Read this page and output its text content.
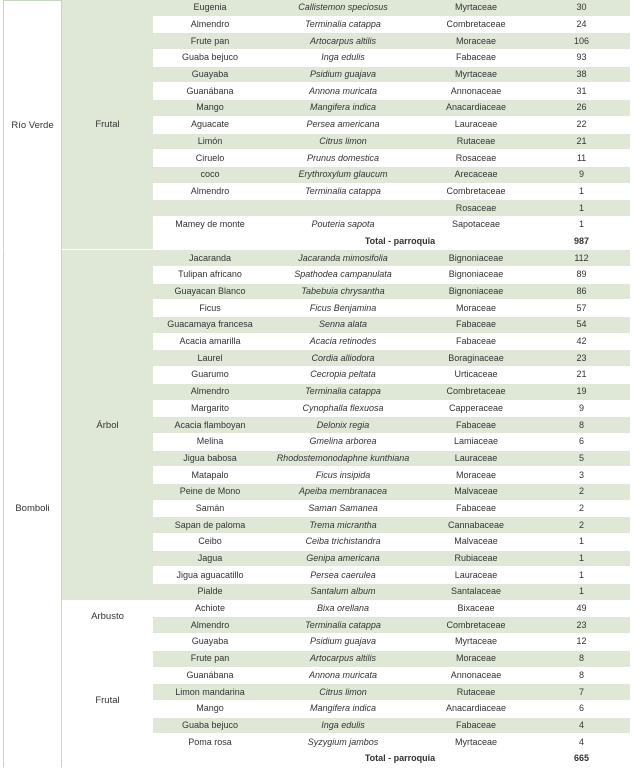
Río Verde	Frutal	Eugenia	Callistemon speciosus	Myrtaceae	30
		Almendro	Terminalia catappa	Combretaceae	24
		Frute pan	Artocarpus altilis	Moraceae	106
		Guaba bejuco	Inga edulis	Fabaceae	93
		Guayaba	Psidium guajava	Myrtaceae	38
		Guanábana	Annona muricata	Annonaceae	31
		Mango	Mangifera indica	Anacardiaceae	26
		Aguacate	Persea americana	Lauraceae	22
		Limón	Citrus limon	Rutaceae	21
		Ciruelo	Prunus domestica	Rosaceae	11
		coco	Erythroxylum glaucum	Arecaceae	9
		Almendro	Terminalia catappa	Combretaceae	1
				Rosaceae	1
		Mamey de monte	Pouteria sapota	Sapotaceae	1
			Total - parroquia		987
Bomboli	Árbol	Jacaranda	Jacaranda mimosifolia	Bignoniaceae	112
		Tulipan africano	Spathodea campanulata	Bignoniaceae	89
		Guayacan Blanco	Tabebuia chrysantha	Bignoniaceae	86
		Ficus	Ficus Benjamina	Moraceae	57
		Guacamaya francesa	Senna alata	Fabaceae	54
		Acacia amarilla	Acacia retinodes	Fabaceae	42
		Laurel	Cordia alliodora	Boraginaceae	23
		Guarumo	Cecropia peltata	Urticaceae	21
		Almendro	Terminalia catappa	Combretaceae	19
		Margarito	Cynophalla flexuosa	Capperaceae	9
		Acacia flamboyan	Delonix regia	Fabaceae	8
		Melina	Gmelina arborea	Lamiaceae	6
		Jigua babosa	Rhodostemonodaphne kunthiana	Lauraceae	5
		Matapalo	Ficus insipida	Moraceae	3
		Peine de Mono	Apeiba membranacea	Malvaceae	2
		Samán	Saman Samanea	Fabaceae	2
		Sapan de paloma	Trema micrantha	Cannabaceae	2
		Ceibo	Ceiba trichistandra	Malvaceae	1
		Jagua	Genipa americana	Rubiaceae	1
		Jigua aguacatillo	Persea caerulea	Lauraceae	1
		Pialde	Santalum album	Santalaceae	1
	Arbusto	Achiote	Bixa orellana	Bixaceae	49
		Almendro	Terminalia catappa	Combretaceae	23
	Frutal	Guayaba	Psidium guajava	Myrtaceae	12
		Frute pan	Artocarpus altilis	Moraceae	8
		Guanábana	Annona muricata	Annonaceae	8
		Limon mandarina	Citrus limon	Rutaceae	7
		Mango	Mangifera indica	Anacardiaceae	6
		Guaba bejuco	Inga edulis	Fabaceae	4
		Poma rosa	Syzygium jambos	Myrtaceae	4
			Total - parroquia		665
